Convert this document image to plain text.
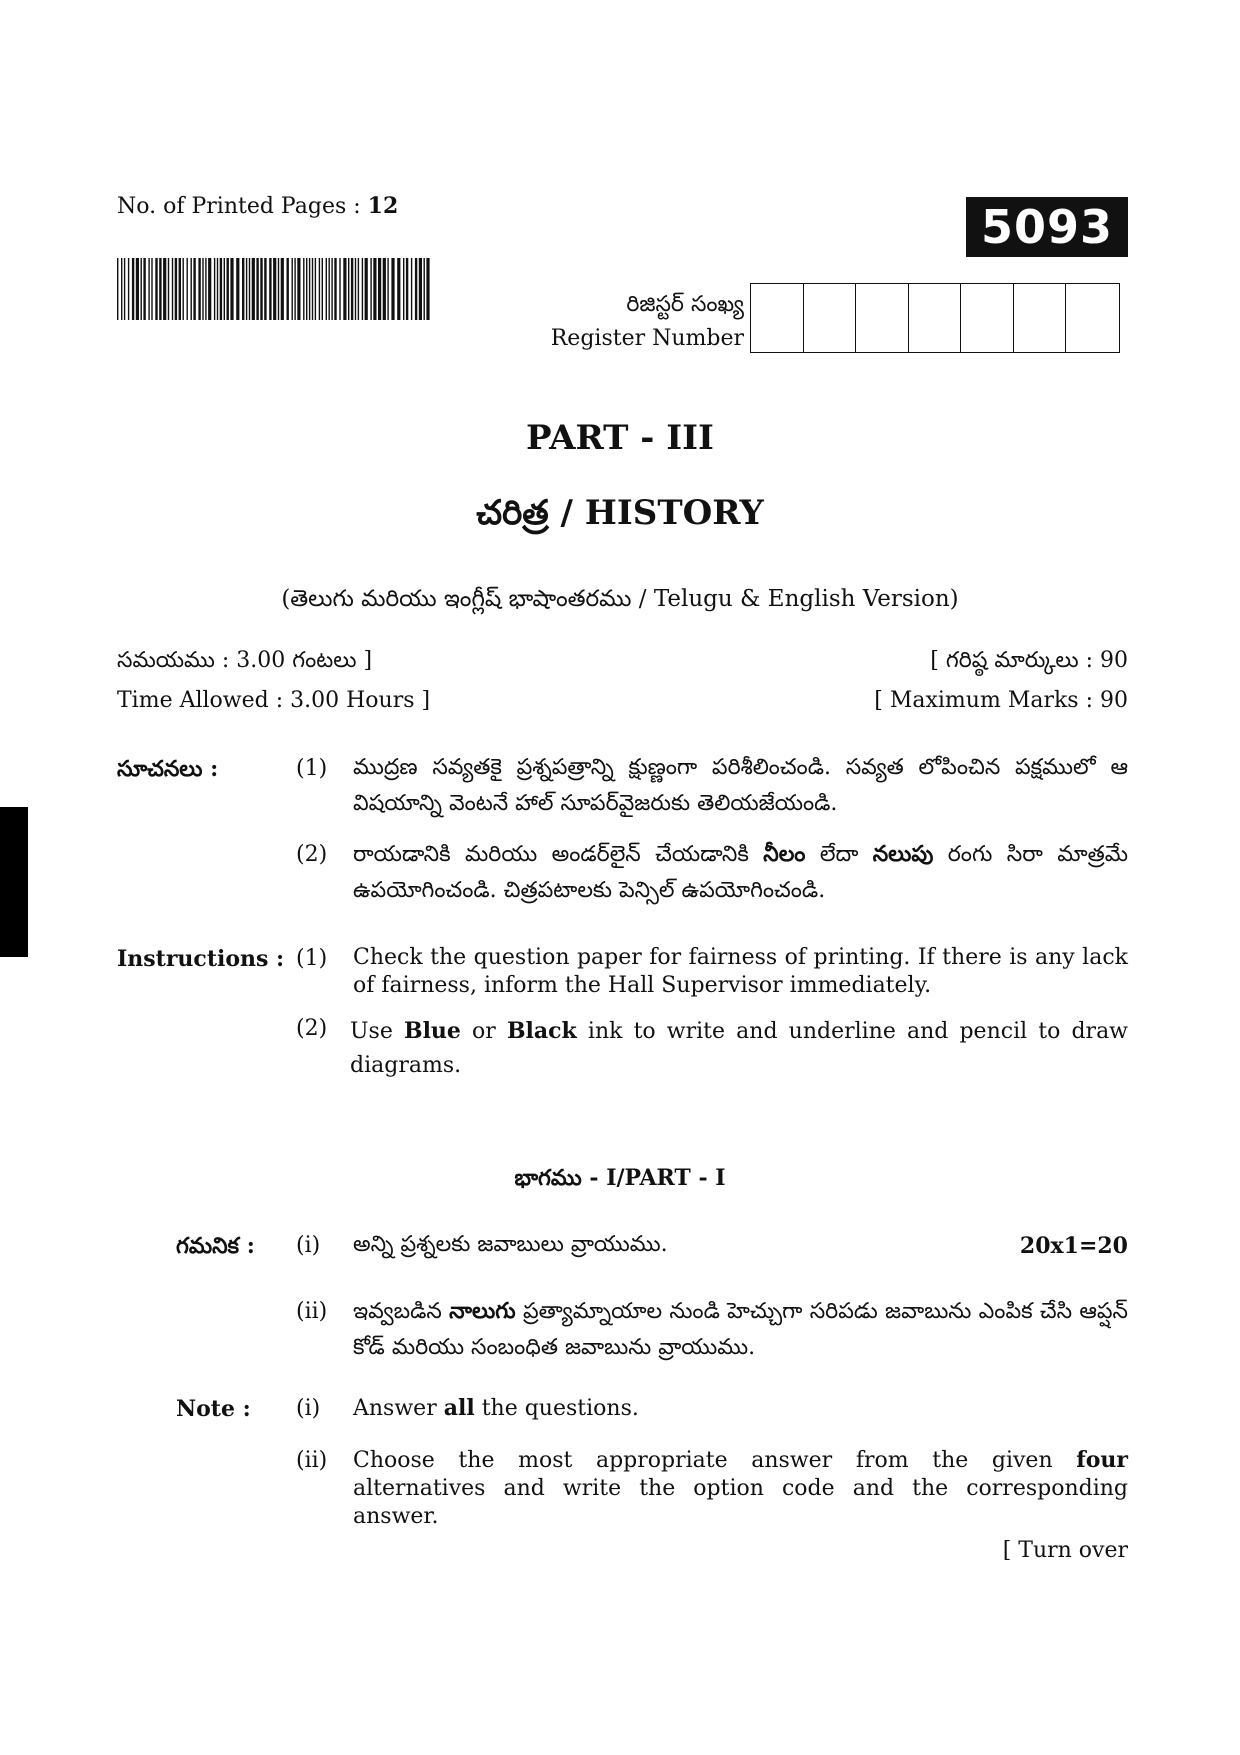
No. of Printed Pages : 12	5093
రిజిస్టర్ సంఖ్య
Register Number
PART - III
చరిత్ర / HISTORY
(తెలుగు మరియు ఇంగ్లీష్ భాషాంతరము / Telugu & English Version)
సమయము : 3.00 గంటలు ]	[ గరిష్ఠ మార్కులు : 90
Time Allowed : 3.00 Hours ]	[ Maximum Marks : 90
సూచనలు :	(1) ముద్రణ సవ్యతకై ప్రశ్నపత్రాన్ని క్షుణ్ణంగా పరిశీలించండి. సవ్యత లోపించిన పక్షములో ఆ విషయాన్ని వెంటనే హాల్ సూపర్‌వైజరుకు తెలియజేయండి.
(2) రాయడానికి మరియు అండర్‌లైన్ చేయడానికి నీలం లేదా నలుపు రంగు సిరా మాత్రమే ఉపయోగించండి. చిత్రపటాలకు పెన్సిల్ ఉపయోగించండి.
Instructions : (1) Check the question paper for fairness of printing. If there is any lack of fairness, inform the Hall Supervisor immediately.
(2) Use Blue or Black ink to write and underline and pencil to draw diagrams.
భాగము - I/PART - I
గమనిక : (i) అన్ని ప్రశ్నలకు జవాబులు వ్రాయుము.	20x1=20
(ii) ఇవ్వబడిన నాలుగు ప్రత్యామ్నాయాల నుండి హెచ్చుగా సరిపడు జవాబును ఎంపిక చేసి ఆప్షన్ కోడ్ మరియు సంబంధిత జవాబును వ్రాయుము.
Note : (i) Answer all the questions.
(ii) Choose the most appropriate answer from the given four alternatives and write the option code and the corresponding answer.
[ Turn over
